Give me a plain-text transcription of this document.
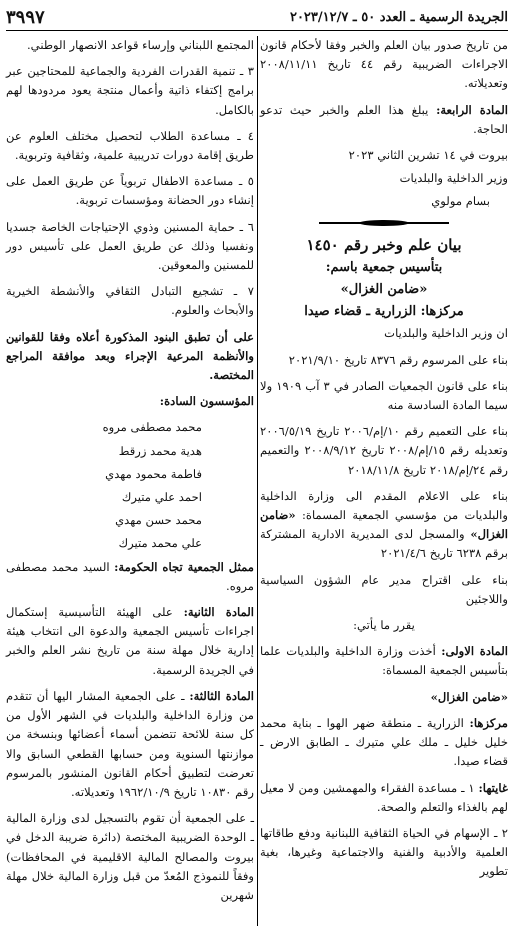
الجريدة الرسمية ـ العدد ٥٠ ـ ٢٠٢٣/١٢/٧
٣٩٩٧

من تاريخ صدور بيان العلم والخبر وفقا لأحكام قانون الاجراءات الضريبية رقم ٤٤ تاريخ ٢٠٠٨/١١/١١ وتعديلاته.

المادة الرابعة: يبلغ هذا العلم والخبر حيث تدعو الحاجة.

بيروت في ١٤ تشرين الثاني ٢٠٢٣

وزير الداخلية والبلديات

بسام مولوي

بيان علم وخبر رقم ١٤٥٠

بتأسيس جمعية باسم:

«ضامن الغزال»

مركزها: الزرارية ـ قضاء صيدا

ان وزير الداخلية والبلديات

بناء على المرسوم رقم ٨٣٧٦ تاريخ ٢٠٢١/٩/١٠

بناء على قانون الجمعيات الصادر في ٣ آب ١٩٠٩ ولا سيما المادة السادسة منه

بناء على التعميم رقم ١٠/إم/٢٠٠٦ تاريخ ٢٠٠٦/٥/١٩ وتعديله رقم ١٥/إم/٢٠٠٨ تاريخ ٢٠٠٨/٩/١٢ والتعميم رقم ٢٤/إم/٢٠١٨ تاريخ ٢٠١٨/١١/٨

بناء على الاعلام المقدم الى وزارة الداخلية والبلديات من مؤسسي الجمعية المسماة: «ضامن الغزال» والمسجل لدى المديرية الادارية المشتركة برقم ٦٢٣٨ تاريخ ٢٠٢١/٤/٦

بناء على اقتراح مدير عام الشؤون السياسية واللاجئين

يقرر ما يأتي:

المادة الاولى: أخذت وزارة الداخلية والبلديات علما بتأسيس الجمعية المسماة:

«ضامن الغزال»

مركزها: الزرارية ـ منطقة ضهر الهوا ـ بناية محمد خليل خليل ـ ملك علي متيرك ـ الطابق الارض ـ قضاء صيدا.

غايتها: ١ ـ مساعدة الفقراء والمهمشين ومن لا معيل لهم بالغذاء والتعلم والصحة.

٢ ـ الإسهام في الحياة الثقافية اللبنانية ودفع طاقاتها العلمية والأدبية والفنية والاجتماعية وغيرها، بغية تطوير

المجتمع اللبناني وإرساء قواعد الانصهار الوطني.

٣ ـ تنمية القدرات الفردية والجماعية للمحتاجين عبر برامج إكتفاء ذاتية وأعمال منتجة يعود مردودها لهم بالكامل.

٤ ـ مساعدة الطلاب لتحصيل مختلف العلوم عن طريق إقامة دورات تدريبية علمية، وثقافية وتربوية.

٥ ـ مساعدة الاطفال تربوياً عن طريق العمل على إنشاء دور الحضانة ومؤسسات تربوية.

٦ ـ حماية المسنين وذوي الإحتياجات الخاصة جسديا ونفسيا وذلك عن طريق العمل على تأسيس دور للمسنين والمعوقين.

٧ ـ تشجيع التبادل الثقافي والأنشطة الخيرية والأبحاث والعلوم.

على أن تطبق البنود المذكورة أعلاه وفقا للقوانين والأنظمة المرعية الإجراء وبعد موافقة المراجع المختصة.

المؤسسون السادة:

محمد مصطفى مروه

هدية محمد زرقط

فاطمة محمود مهدي

احمد علي متيرك

محمد حسن مهدي

علي محمد متيرك

ممثل الجمعية تجاه الحكومة: السيد محمد مصطفى مروه.

المادة الثانية: على الهيئة التأسيسية إستكمال اجراءات تأسيس الجمعية والدعوة الى انتخاب هيئة إدارية خلال مهلة سنة من تاريخ نشر العلم والخبر في الجريدة الرسمية.

المادة الثالثة: ـ على الجمعية المشار اليها أن تتقدم من وزارة الداخلية والبلديات في الشهر الأول من كل سنة للائحة تتضمن أسماء أعضائها وبنسخة من موازنتها السنوية ومن حسابها القطعي السابق والا تعرضت لتطبيق أحكام القانون المنشور بالمرسوم رقم ١٠٨٣٠ تاريخ ١٩٦٢/١٠/٩ وتعديلاته.

ـ على الجمعية أن تقوم بالتسجيل لدى وزارة المالية ـ الوحدة الضريبية المختصة (دائرة ضريبة الدخل في بيروت والمصالح المالية الاقليمية في المحافظات) وفقاً للنموذج المُعدّ من قبل وزارة المالية خلال مهلة شهرين
